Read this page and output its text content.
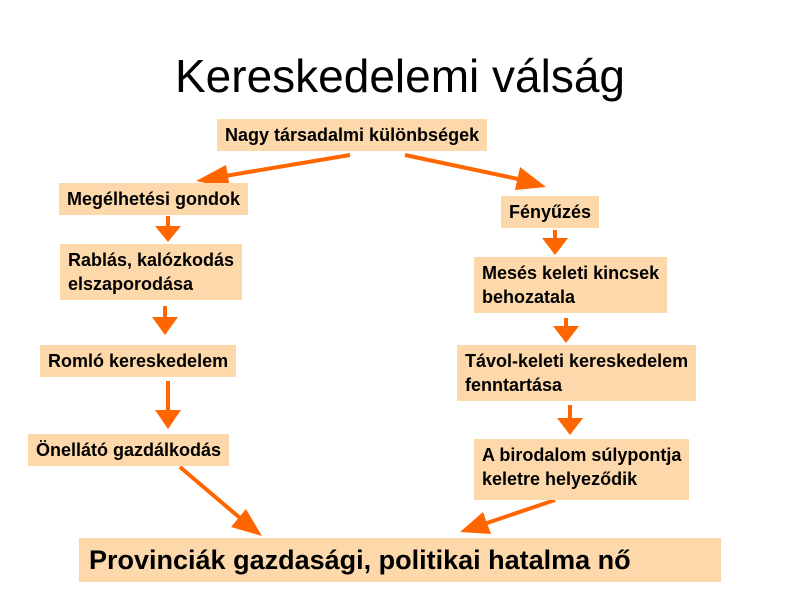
Kereskedelemi válság
Nagy társadalmi különbségek
Megélhetési gondok
Rablás, kalózkodás
elszaporodása
Romló kereskedelem
Önellátó gazdálkodás
Fényűzés
Mesés keleti kincsek
behozatala
Távol-keleti kereskedelem
fenntartása
A birodalom súlypontja
keletre helyeződik
Provinciák gazdasági, politikai hatalma nő
